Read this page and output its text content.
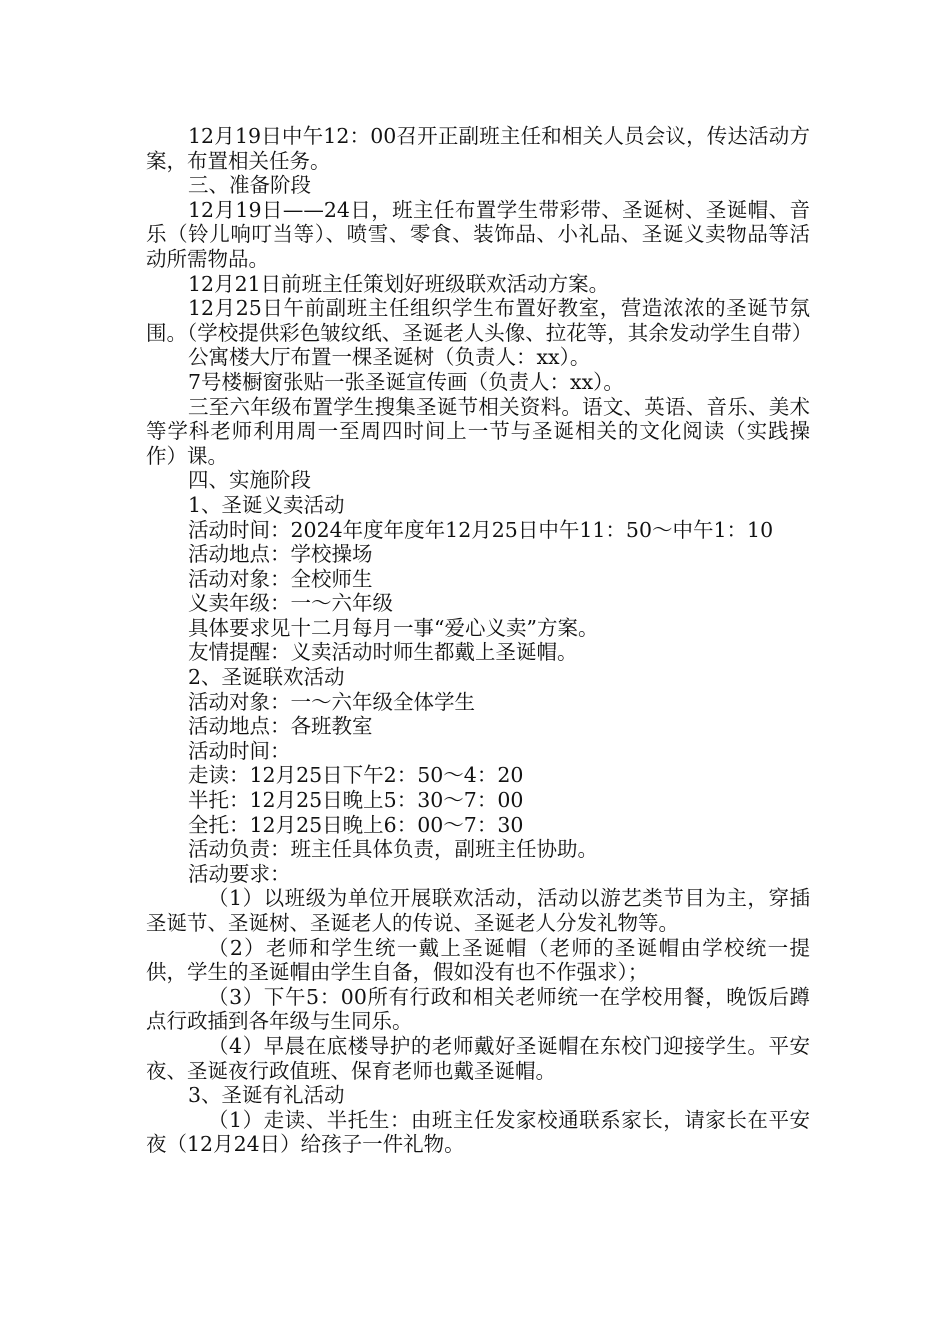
12月19日中午12：00召开正副班主任和相关人员会议，传达活动方案，布置相关任务。

三、准备阶段

12月19日——24日，班主任布置学生带彩带、圣诞树、圣诞帽、音乐（铃儿响叮当等）、喷雪、零食、装饰品、小礼品、圣诞义卖物品等活动所需物品。

12月21日前班主任策划好班级联欢活动方案。

12月25日午前副班主任组织学生布置好教室，营造浓浓的圣诞节氛围。（学校提供彩色皱纹纸、圣诞老人头像、拉花等，其余发动学生自带）

公寓楼大厅布置一棵圣诞树（负责人：xx）。

7号楼橱窗张贴一张圣诞宣传画（负责人：xx）。

三至六年级布置学生搜集圣诞节相关资料。语文、英语、音乐、美术等学科老师利用周一至周四时间上一节与圣诞相关的文化阅读（实践操作）课。

四、实施阶段

1、圣诞义卖活动

活动时间：2024年度年度年12月25日中午11：50～中午1：10

活动地点：学校操场

活动对象：全校师生

义卖年级：一～六年级

具体要求见十二月每月一事“爱心义卖”方案。

友情提醒：义卖活动时师生都戴上圣诞帽。

2、圣诞联欢活动

活动对象：一～六年级全体学生

活动地点：各班教室

活动时间：

走读：12月25日下午2：50～4：20

半托：12月25日晚上5：30～7：00

全托：12月25日晚上6：00～7：30

活动负责：班主任具体负责，副班主任协助。

活动要求：

（1）以班级为单位开展联欢活动，活动以游艺类节目为主，穿插圣诞节、圣诞树、圣诞老人的传说、圣诞老人分发礼物等。

（2）老师和学生统一戴上圣诞帽（老师的圣诞帽由学校统一提供，学生的圣诞帽由学生自备，假如没有也不作强求）；

（3）下午5：00所有行政和相关老师统一在学校用餐，晚饭后蹲点行政插到各年级与生同乐。

（4）早晨在底楼导护的老师戴好圣诞帽在东校门迎接学生。平安夜、圣诞夜行政值班、保育老师也戴圣诞帽。

3、圣诞有礼活动

（1）走读、半托生：由班主任发家校通联系家长，请家长在平安夜（12月24日）给孩子一件礼物。
